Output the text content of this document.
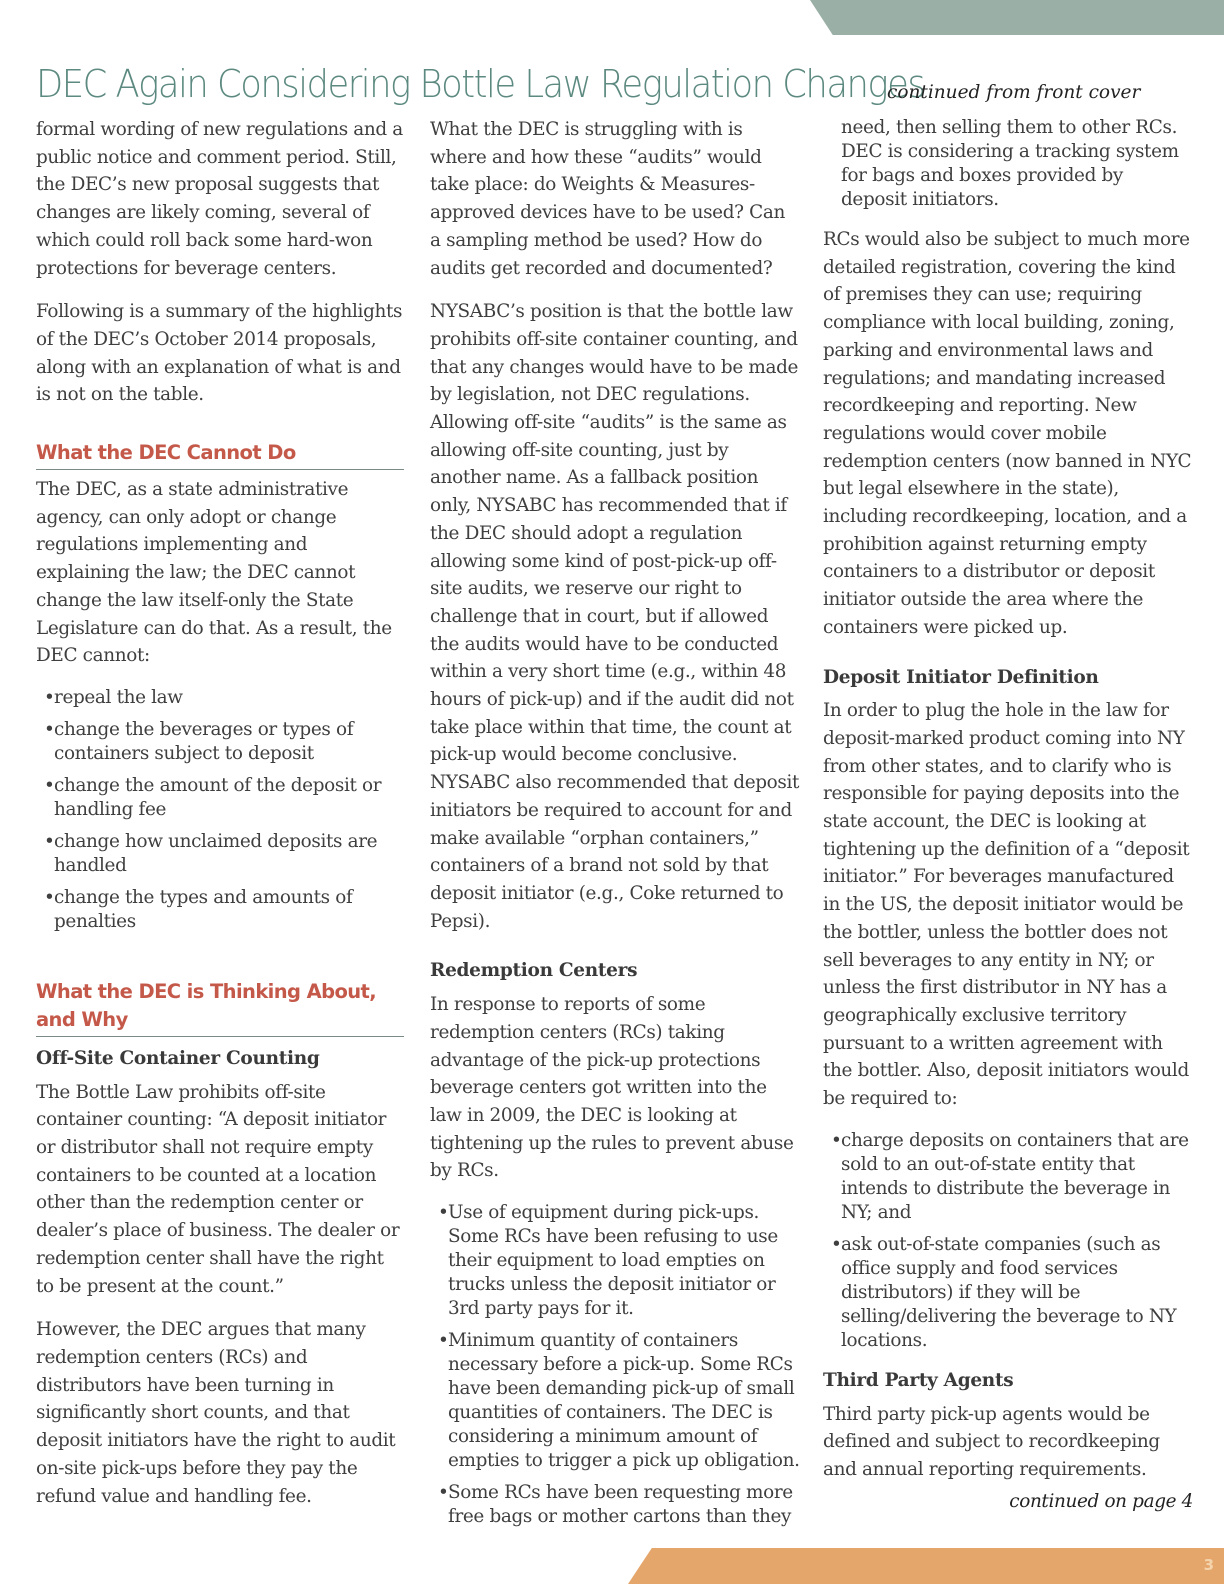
DEC Again Considering Bottle Law Regulation Changes
continued from front cover

formal wording of new regulations and a public notice and comment period. Still, the DEC’s new proposal suggests that changes are likely coming, several of which could roll back some hard-won protections for beverage centers.

Following is a summary of the highlights of the DEC’s October 2014 proposals, along with an explanation of what is and is not on the table.

What the DEC Cannot Do

The DEC, as a state administrative agency, can only adopt or change regulations implementing and explaining the law; the DEC cannot change the law itself-only the State Legislature can do that. As a result, the DEC cannot:

• repeal the law
• change the beverages or types of containers subject to deposit
• change the amount of the deposit or handling fee
• change how unclaimed deposits are handled
• change the types and amounts of penalties
What the DEC is Thinking About, and Why
Off-Site Container Counting

The Bottle Law prohibits off-site container counting: “A deposit initiator or distributor shall not require empty containers to be counted at a location other than the redemption center or dealer’s place of business. The dealer or redemption center shall have the right to be present at the count.”

However, the DEC argues that many redemption centers (RCs) and distributors have been turning in significantly short counts, and that deposit initiators have the right to audit on-site pick-ups before they pay the refund value and handling fee.

What the DEC is struggling with is where and how these “audits” would take place: do Weights & Measures-approved devices have to be used? Can a sampling method be used? How do audits get recorded and documented?

NYSABC’s position is that the bottle law prohibits off-site container counting, and that any changes would have to be made by legislation, not DEC regulations. Allowing off-site “audits” is the same as allowing off-site counting, just by another name. As a fallback position only, NYSABC has recommended that if the DEC should adopt a regulation allowing some kind of post-pick-up off-site audits, we reserve our right to challenge that in court, but if allowed the audits would have to be conducted within a very short time (e.g., within 48 hours of pick-up) and if the audit did not take place within that time, the count at pick-up would become conclusive. NYSABC also recommended that deposit initiators be required to account for and make available “orphan containers,” containers of a brand not sold by that deposit initiator (e.g., Coke returned to Pepsi).

Redemption Centers

In response to reports of some redemption centers (RCs) taking advantage of the pick-up protections beverage centers got written into the law in 2009, the DEC is looking at tightening up the rules to prevent abuse by RCs.

• Use of equipment during pick-ups. Some RCs have been refusing to use their equipment to load empties on trucks unless the deposit initiator or 3rd party pays for it.
• Minimum quantity of containers necessary before a pick-up. Some RCs have been demanding pick-up of small quantities of containers. The DEC is considering a minimum amount of empties to trigger a pick up obligation.
• Some RCs have been requesting more free bags or mother cartons than they
need, then selling them to other RCs. DEC is considering a tracking system for bags and boxes provided by deposit initiators.

RCs would also be subject to much more detailed registration, covering the kind of premises they can use; requiring compliance with local building, zoning, parking and environmental laws and regulations; and mandating increased recordkeeping and reporting. New regulations would cover mobile redemption centers (now banned in NYC but legal elsewhere in the state), including recordkeeping, location, and a prohibition against returning empty containers to a distributor or deposit initiator outside the area where the containers were picked up.

Deposit Initiator Definition

In order to plug the hole in the law for deposit-marked product coming into NY from other states, and to clarify who is responsible for paying deposits into the state account, the DEC is looking at tightening up the definition of a “deposit initiator.” For beverages manufactured in the US, the deposit initiator would be the bottler, unless the bottler does not sell beverages to any entity in NY; or unless the first distributor in NY has a geographically exclusive territory pursuant to a written agreement with the bottler. Also, deposit initiators would be required to:

• charge deposits on containers that are sold to an out-of-state entity that intends to distribute the beverage in NY; and
• ask out-of-state companies (such as office supply and food services distributors) if they will be selling/delivering the beverage to NY locations.
Third Party Agents

Third party pick-up agents would be defined and subject to recordkeeping and annual reporting requirements.

continued on page 4

3
